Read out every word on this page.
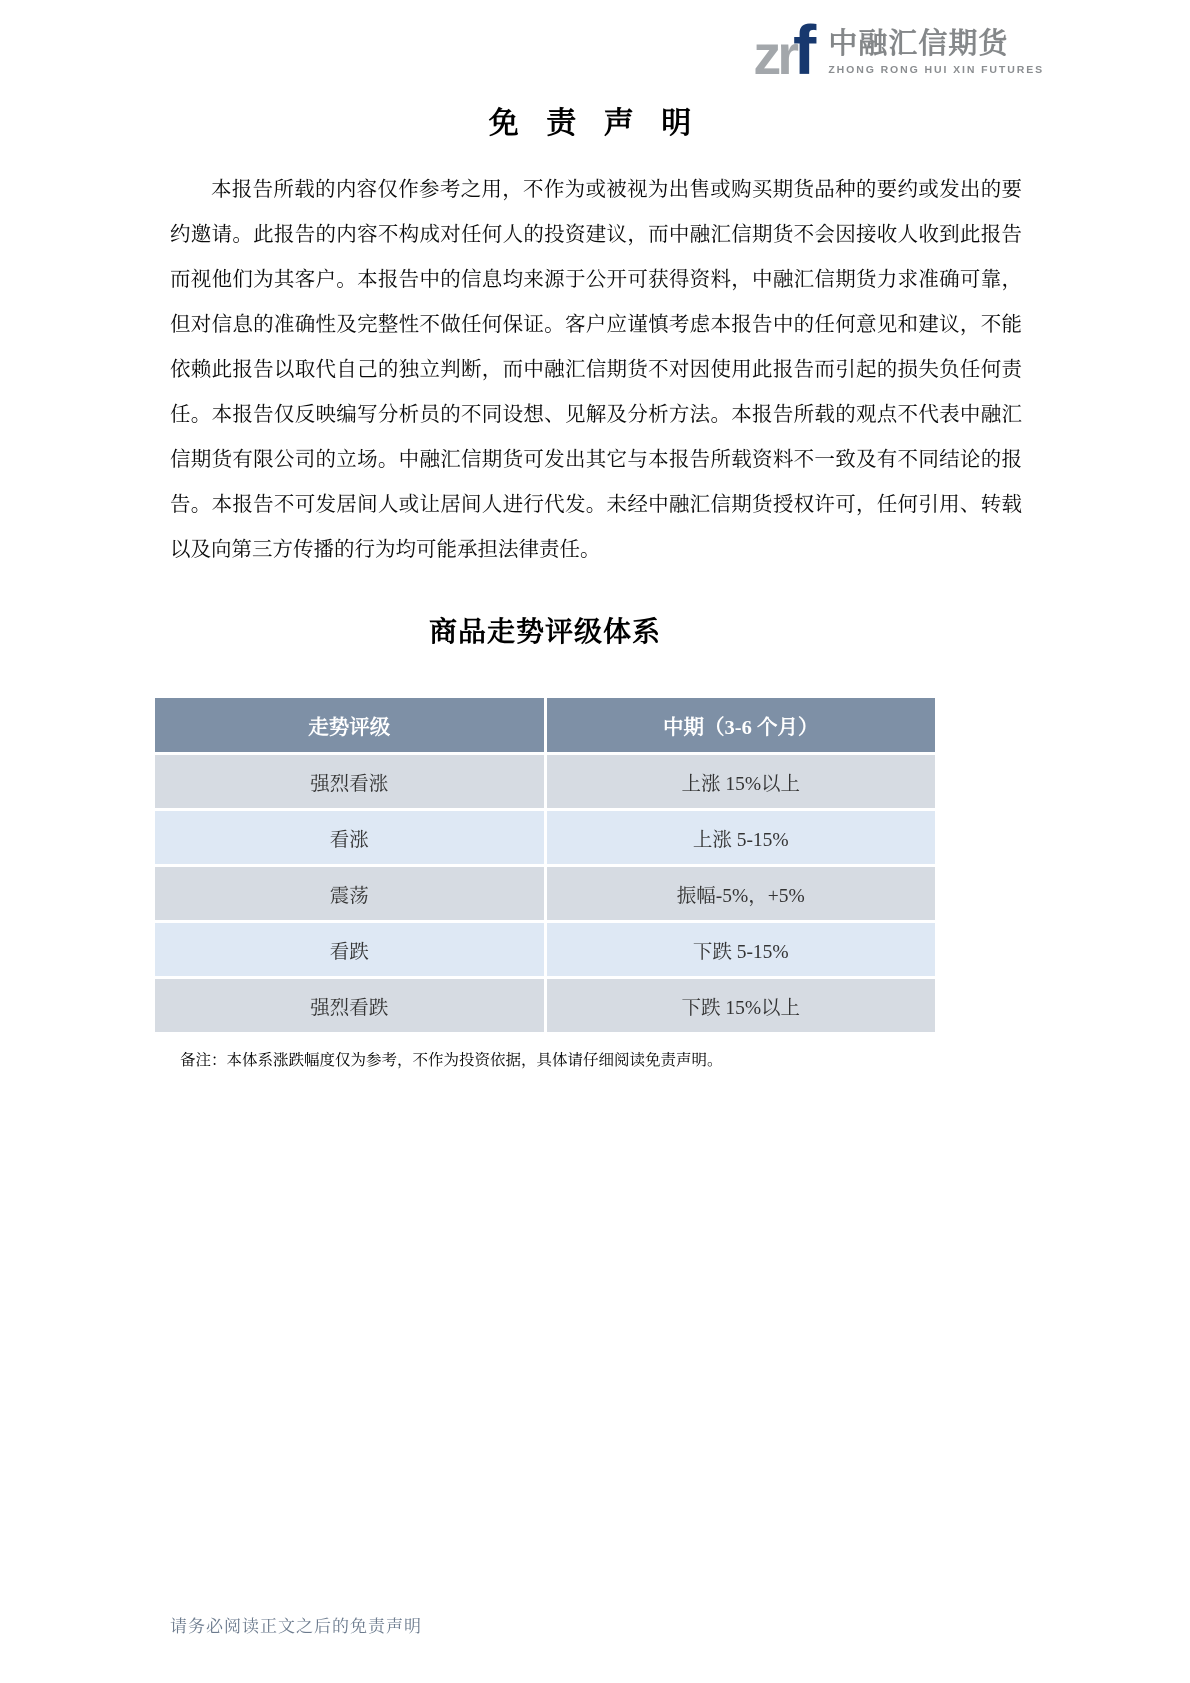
zr
f 中融汇信期货
ZHONG RONG HUI XIN FUTURES
免 责 声 明

本报告所载的内容仅作参考之用，不作为或被视为出售或购买期货品种的要约或发出的要约邀请。此报告的内容不构成对任何人的投资建议，而中融汇信期货不会因接收人收到此报告而视他们为其客户。本报告中的信息均来源于公开可获得资料，中融汇信期货力求准确可靠，但对信息的准确性及完整性不做任何保证。客户应谨慎考虑本报告中的任何意见和建议，不能依赖此报告以取代自己的独立判断，而中融汇信期货不对因使用此报告而引起的损失负任何责任。本报告仅反映编写分析员的不同设想、见解及分析方法。本报告所载的观点不代表中融汇信期货有限公司的立场。中融汇信期货可发出其它与本报告所载资料不一致及有不同结论的报告。本报告不可发居间人或让居间人进行代发。未经中融汇信期货授权许可，任何引用、转载以及向第三方传播的行为均可能承担法律责任。

商品走势评级体系
走势评级	中期（3-6 个月）
强烈看涨	上涨 15%以上
看涨	上涨 5-15%
震荡	振幅-5%，+5%
看跌	下跌 5-15%
强烈看跌	下跌 15%以上
备注：本体系涨跌幅度仅为参考，不作为投资依据，具体请仔细阅读免责声明。
请务必阅读正文之后的免责声明
